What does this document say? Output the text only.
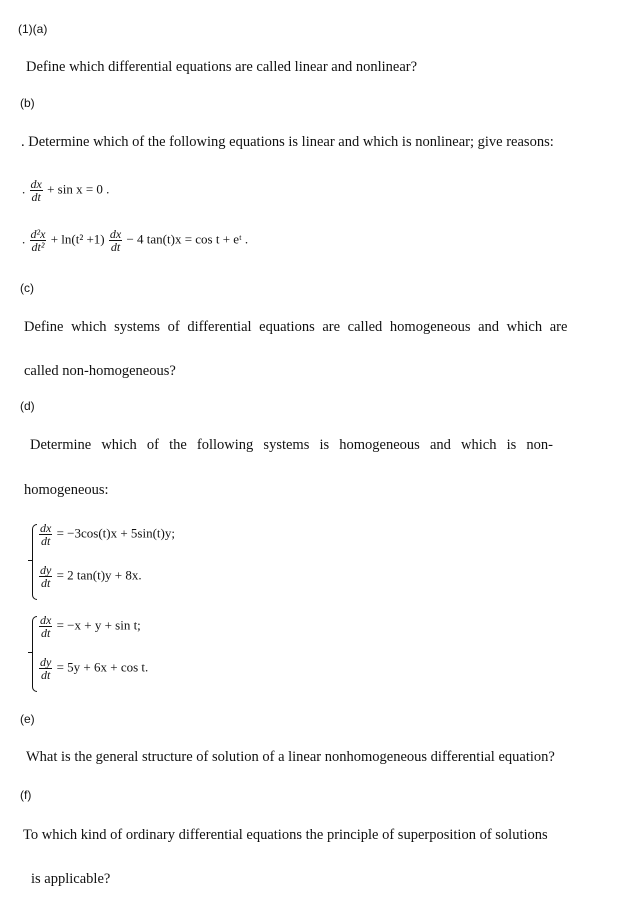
(1)(a)
Define which differential equations are called linear and nonlinear?
(b)
. Determine which of the following equations is linear and which is nonlinear; give reasons:
. $\frac{dx}{dt} + \sin x = 0$ .
. $\frac{\text{d²x}}{\text{dt²}} + \ln(t^2 +1) \frac{dx}{dt} - 4$ tan(t)x = cos t + eᵗ .
(c)
Define which systems of differential equations are called homogeneous and which are
called non-homogeneous?
(d)
Determine which of the following systems is homogeneous and which is non-
homogeneous:
$\frac{dx}{dt} = -3\cos(t)x + 5\sin(t)y$;
$\frac{dy}{dt} = 2$ tan(t)y + 8x.
$\frac{dx}{dt} = -x + y + \sin t$;
$\frac{dy}{dt} = 5y + 6x + \cos t$.
(e)
What is the general structure of solution of a linear nonhomogeneous differential equation?
(f)
To which kind of ordinary differential equations the principle of superposition of solutions
is applicable?
